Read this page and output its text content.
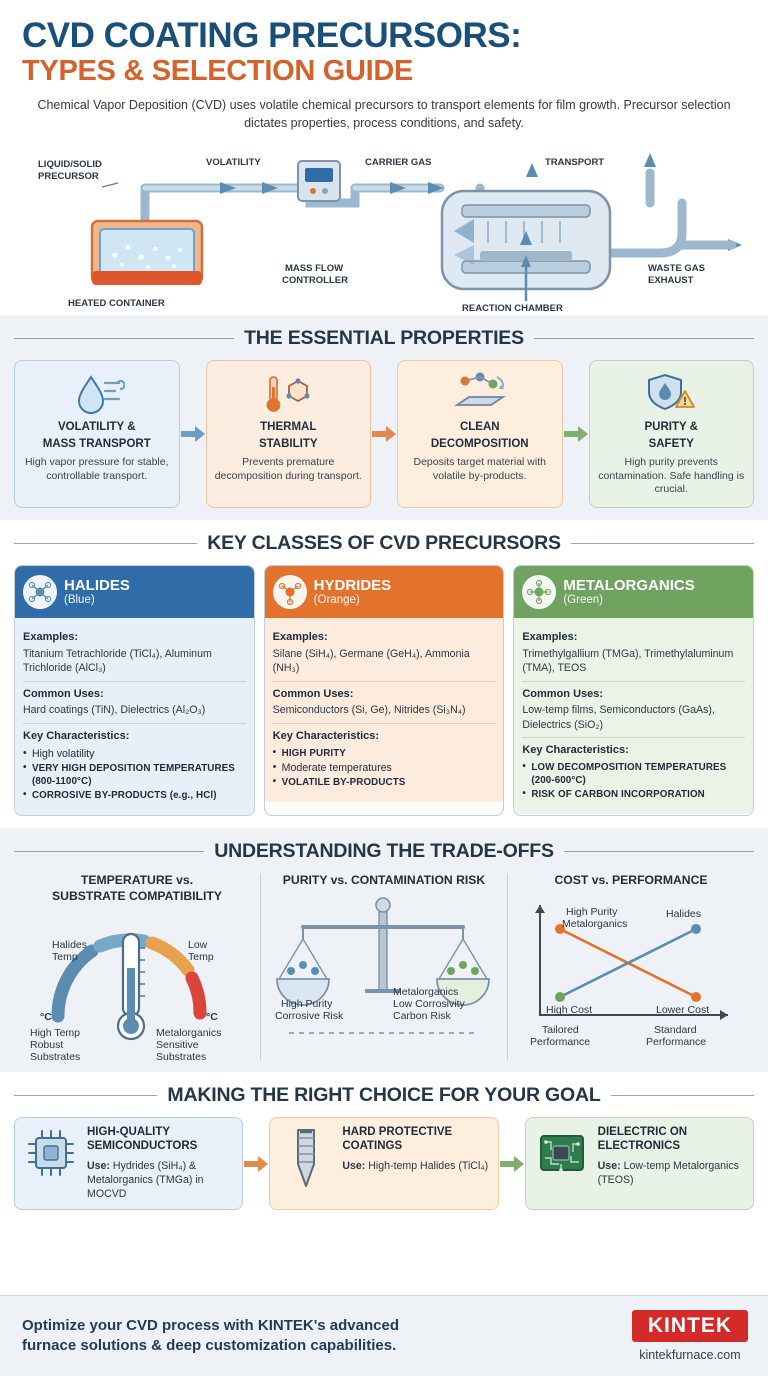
CVD COATING PRECURSORS:
TYPES & SELECTION GUIDE
Chemical Vapor Deposition (CVD) uses volatile chemical precursors to transport elements for film growth. Precursor selection dictates properties, process conditions, and safety.
LIQUID/SOLID
PRECURSOR
VOLATILITY	CARRIER GAS	TRANSPORT
HEATED CONTAINER
MASS FLOW
CONTROLLER
REACTION CHAMBER
WASTE GAS
EXHAUST
THE ESSENTIAL PROPERTIES
VOLATILITY &
MASS TRANSPORT
High vapor pressure for stable, controllable transport.
THERMAL
STABILITY
Prevents premature decomposition during transport.
CLEAN
DECOMPOSITION
Deposits target material with volatile by-products.
PURITY &
SAFETY
High purity prevents contamination. Safe handling is crucial.
KEY CLASSES OF CVD PRECURSORS
HALIDES
(Blue)
Examples:
Titanium Tetrachloride (TiCl₄), Aluminum Trichloride (AlCl₃)
Common Uses:
Hard coatings (TiN), Dielectrics (Al₂O₃)
Key Characteristics:
• High volatility
• VERY HIGH DEPOSITION TEMPERATURES (800-1100°C)
• CORROSIVE BY-PRODUCTS (e.g., HCl)
HYDRIDES
(Orange)
Examples:
Silane (SiH₄), Germane (GeH₄), Ammonia (NH₃)
Common Uses:
Semiconductors (Si, Ge), Nitrides (Si₃N₄)
Key Characteristics:
• HIGH PURITY
• Moderate temperatures
• VOLATILE BY-PRODUCTS
METALORGANICS
(Green)
Examples:
Trimethylgallium (TMGa), Trimethylaluminum (TMA), TEOS
Common Uses:
Low-temp films, Semiconductors (GaAs), Dielectrics (SiO₂)
Key Characteristics:
• LOW DECOMPOSITION TEMPERATURES (200-600°C)
• RISK OF CARBON INCORPORATION
UNDERSTANDING THE TRADE-OFFS
TEMPERATURE vs.
SUBSTRATE COMPATIBILITY
Halides
Temp
Low
Temp
°C	°C
High Temp
Robust
Substrates
Metalorganics
Sensitive
Substrates
PURITY vs. CONTAMINATION RISK
High Purity
Corrosive Risk
Metalorganics
Low Corrosivity
Carbon Risk
COST vs. PERFORMANCE
High Purity
Metalorganics
Halides
High Cost	Lower Cost
Tailored
Performance
Standard
Performance
MAKING THE RIGHT CHOICE FOR YOUR GOAL
HIGH-QUALITY
SEMICONDUCTORS
Use: Hydrides (SiH₄) & Metalorganics (TMGa) in MOCVD
HARD PROTECTIVE
COATINGS
Use: High-temp Halides (TiCl₄)
DIELECTRIC ON
ELECTRONICS
Use: Low-temp Metalorganics (TEOS)
Optimize your CVD process with KINTEK's advanced
furnace solutions & deep customization capabilities.
KINTEK
kintekfurnace.com
